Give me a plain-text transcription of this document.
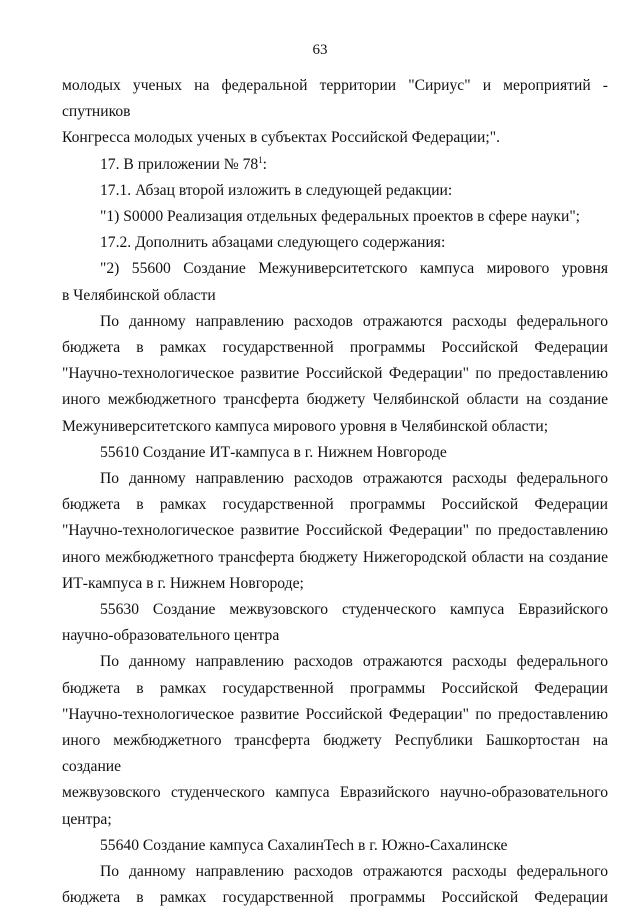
63

молодых ученых на федеральной территории "Сириус" и мероприятий - спутников
Конгресса молодых ученых в субъектах Российской Федерации;".

17. В приложении № $78^1$:

17.1. Абзац второй изложить в следующей редакции:

"1) S0000 Реализация отдельных федеральных проектов в сфере науки";

17.2. Дополнить абзацами следующего содержания:

"2) 55600 Создание Межуниверситетского кампуса мирового уровня
в Челябинской области

По данному направлению расходов отражаются расходы федерального
бюджета в рамках государственной программы Российской Федерации
"Научно-технологическое развитие Российской Федерации" по предоставлению
иного межбюджетного трансферта бюджету Челябинской области на создание
Межуниверситетского кампуса мирового уровня в Челябинской области;

55610 Создание ИТ-кампуса в г. Нижнем Новгороде

По данному направлению расходов отражаются расходы федерального
бюджета в рамках государственной программы Российской Федерации
"Научно-технологическое развитие Российской Федерации" по предоставлению
иного межбюджетного трансферта бюджету Нижегородской области на создание
ИТ-кампуса в г. Нижнем Новгороде;

55630 Создание межвузовского студенческого кампуса Евразийского
научно-образовательного центра

По данному направлению расходов отражаются расходы федерального
бюджета в рамках государственной программы Российской Федерации
"Научно-технологическое развитие Российской Федерации" по предоставлению
иного межбюджетного трансферта бюджету Республики Башкортостан на создание
межвузовского студенческого кампуса Евразийского научно-образовательного
центра;

55640 Создание кампуса СахалинTech в г. Южно-Сахалинске

По данному направлению расходов отражаются расходы федерального
бюджета в рамках государственной программы Российской Федерации
